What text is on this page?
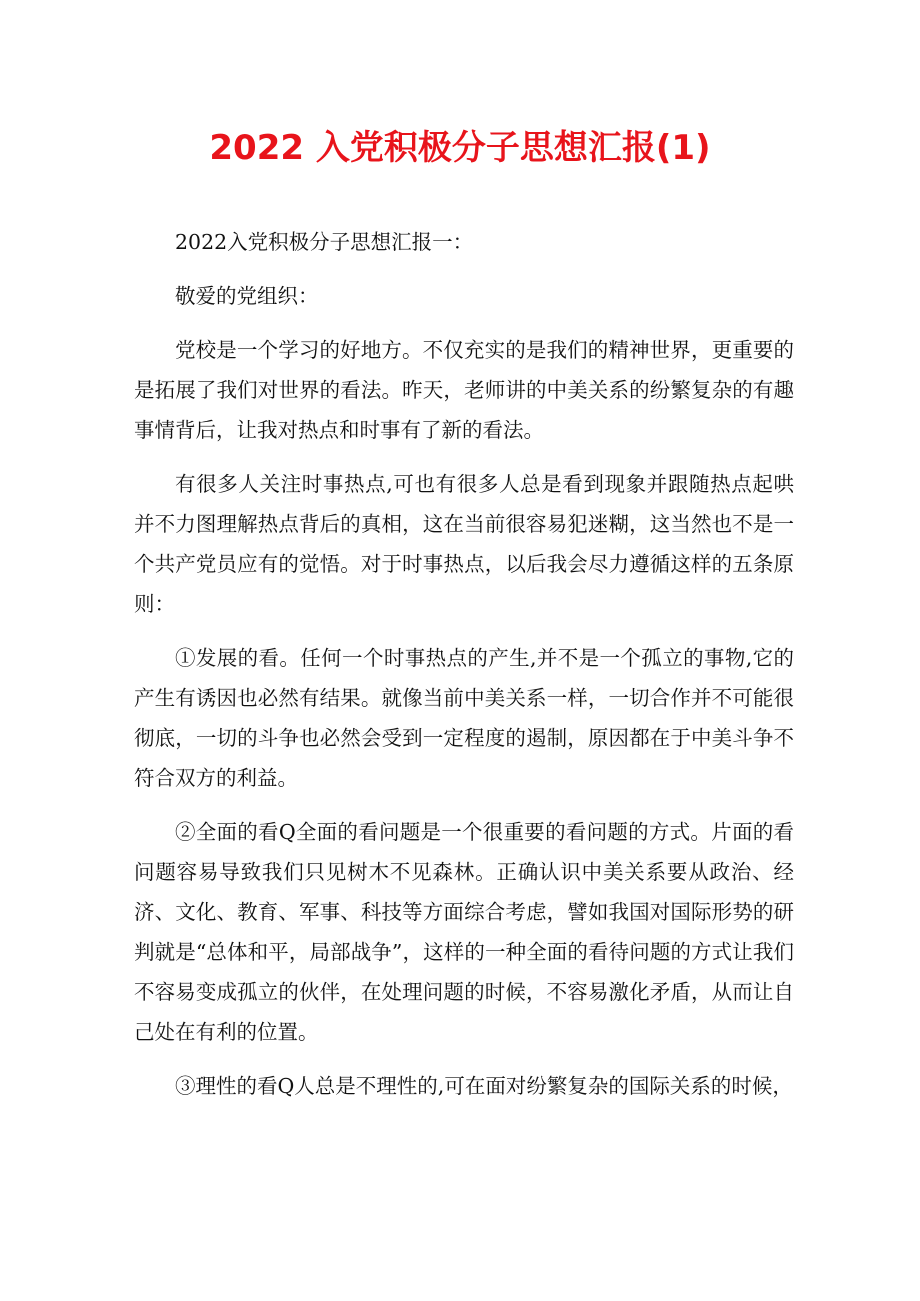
2022 入党积极分子思想汇报(1)

2022入党积极分子思想汇报一：

敬爱的党组织：

党校是一个学习的好地方。不仅充实的是我们的精神世界，更重要的是拓展了我们对世界的看法。昨天，老师讲的中美关系的纷繁复杂的有趣事情背后，让我对热点和时事有了新的看法。

有很多人关注时事热点,可也有很多人总是看到现象并跟随热点起哄并不力图理解热点背后的真相，这在当前很容易犯迷糊，这当然也不是一个共产党员应有的觉悟。对于时事热点，以后我会尽力遵循这样的五条原则：

①发展的看。任何一个时事热点的产生,并不是一个孤立的事物,它的产生有诱因也必然有结果。就像当前中美关系一样，一切合作并不可能很彻底，一切的斗争也必然会受到一定程度的遏制，原因都在于中美斗争不符合双方的利益。

②全面的看Q全面的看问题是一个很重要的看问题的方式。片面的看问题容易导致我们只见树木不见森林。正确认识中美关系要从政治、经济、文化、教育、军事、科技等方面综合考虑，譬如我国对国际形势的研判就是“总体和平，局部战争”，这样的一种全面的看待问题的方式让我们不容易变成孤立的伙伴，在处理问题的时候，不容易激化矛盾，从而让自己处在有利的位置。

③理性的看Q人总是不理性的,可在面对纷繁复杂的国际关系的时候，
